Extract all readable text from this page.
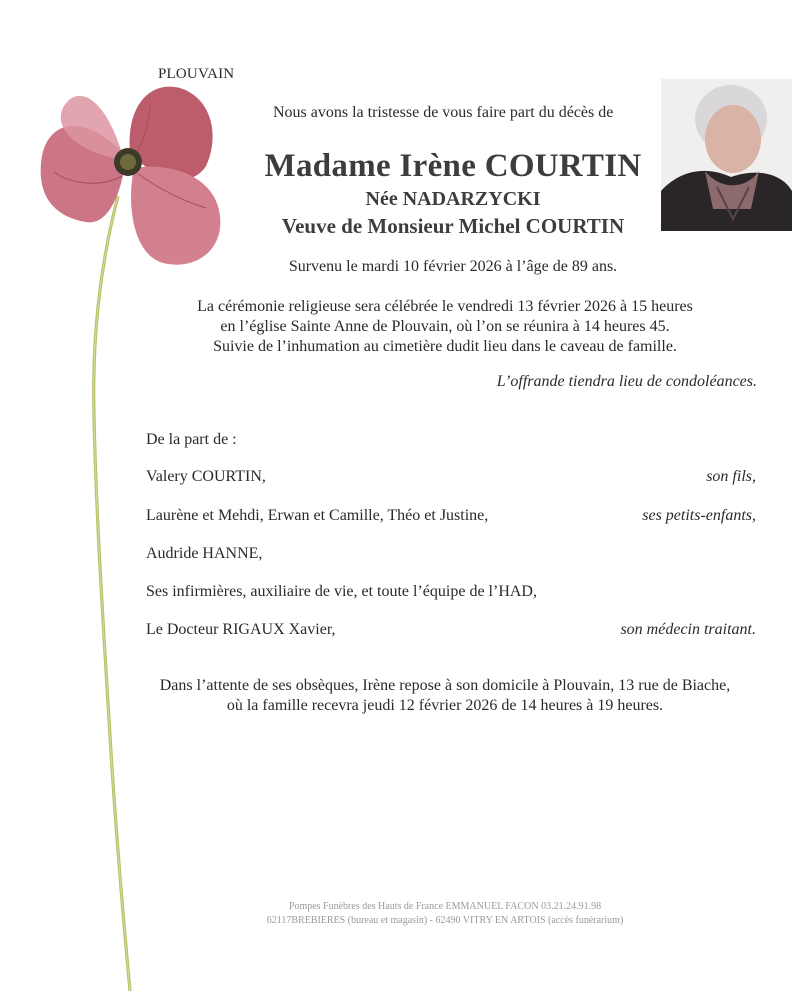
PLOUVAIN
Nous avons la tristesse de vous faire part du décès de
Madame Irène COURTIN
Née NADARZYCKI
Veuve de Monsieur Michel COURTIN
Survenu le mardi 10 février 2026 à l’âge de 89 ans.
La cérémonie religieuse sera célébrée le vendredi 13 février 2026 à 15 heures
en l’église Sainte Anne de Plouvain, où l’on se réunira à 14 heures 45.
Suivie de l’inhumation au cimetière dudit lieu dans le caveau de famille.
L’offrande tiendra lieu de condoléances.
De la part de :
Valery COURTIN,	son fils,
Laurène et Mehdi, Erwan et Camille, Théo et Justine,	ses petits-enfants,
Audride HANNE,
Ses infirmières, auxiliaire de vie, et toute l’équipe de l’HAD,
Le Docteur RIGAUX Xavier,	son médecin traitant.
Dans l’attente de ses obsèques, Irène repose à son domicile à Plouvain, 13 rue de Biache,
où la famille recevra jeudi 12 février 2026 de 14 heures à 19 heures.
Pompes Funèbres des Hauts de France EMMANUEL FACON 03.21.24.91.98
62117BREBIERES (bureau et magasin) - 62490 VITRY EN ARTOIS (accès funérarium)
